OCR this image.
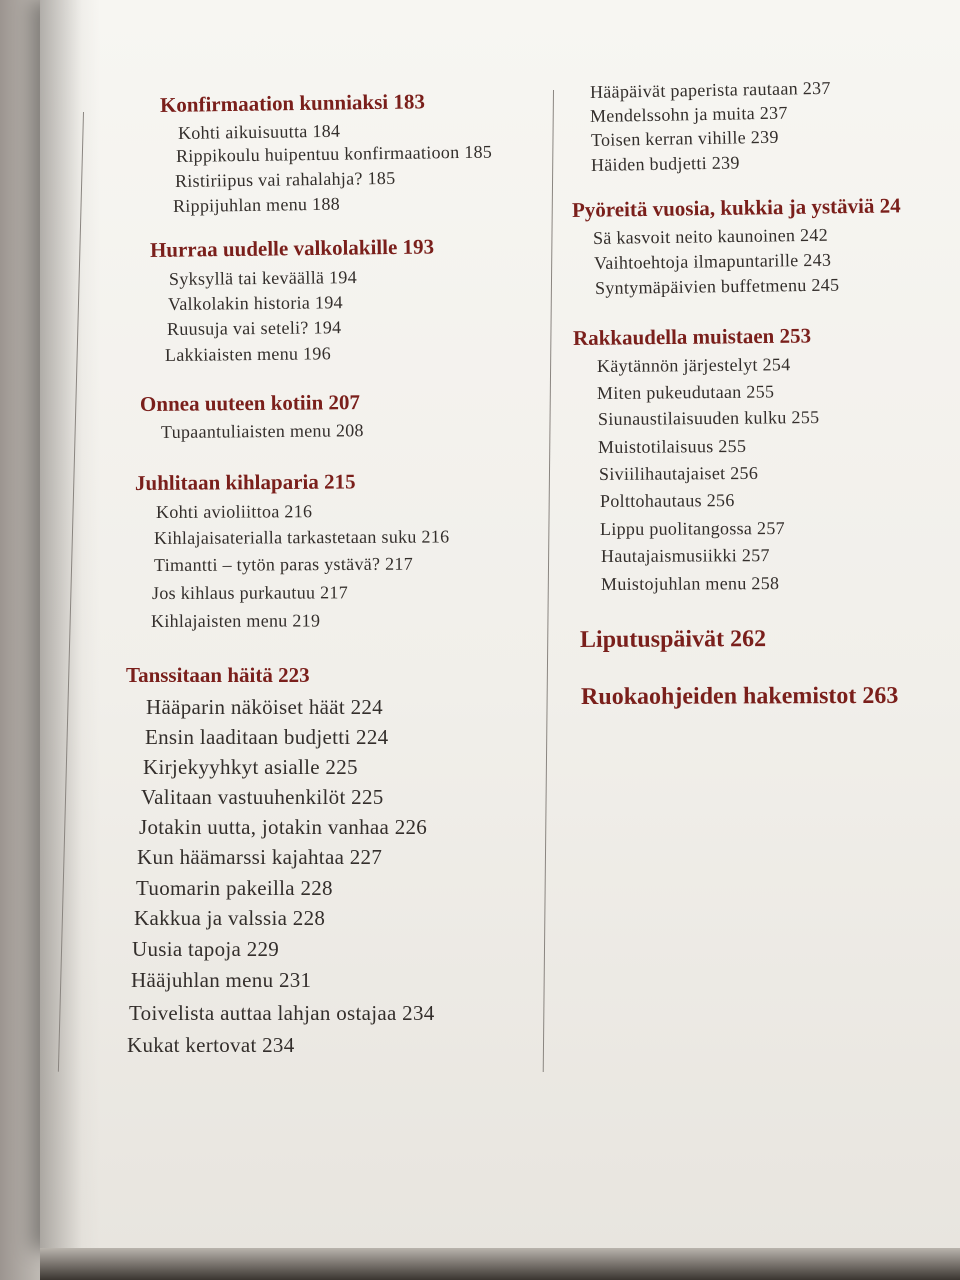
Konfirmaation kunniaksi 183
Kohti aikuisuutta 184
Rippikoulu huipentuu konfirmaatioon 185
Ristiriipus vai rahalahja? 185
Rippijuhlan menu 188
Hurraa uudelle valkolakille 193
Syksyllä tai keväällä 194
Valkolakin historia 194
Ruusuja vai seteli? 194
Lakkiaisten menu 196
Onnea uuteen kotiin 207
Tupaantuliaisten menu 208
Juhlitaan kihlaparia 215
Kohti avioliittoa 216
Kihlajaisaterialla tarkastetaan suku 216
Timantti – tytön paras ystävä? 217
Jos kihlaus purkautuu 217
Kihlajaisten menu 219
Tanssitaan häitä 223
Hääparin näköiset häät 224
Ensin laaditaan budjetti 224
Kirjekyyhkyt asialle 225
Valitaan vastuuhenkilöt 225
Jotakin uutta, jotakin vanhaa 226
Kun häämarssi kajahtaa 227
Tuomarin pakeilla 228
Kakkua ja valssia 228
Uusia tapoja 229
Hääjuhlan menu 231
Toivelista auttaa lahjan ostajaa 234
Kukat kertovat 234
Hääpäivät paperista rautaan 237
Mendelssohn ja muita 237
Toisen kerran vihille 239
Häiden budjetti 239
Pyöreitä vuosia, kukkia ja ystäviä 24
Sä kasvoit neito kaunoinen 242
Vaihtoehtoja ilmapuntarille 243
Syntymäpäivien buffetmenu 245
Rakkaudella muistaen 253
Käytännön järjestelyt 254
Miten pukeudutaan 255
Siunaustilaisuuden kulku 255
Muistotilaisuus 255
Siviilihautajaiset 256
Polttohautaus 256
Lippu puolitangossa 257
Hautajaismusiikki 257
Muistojuhlan menu 258
Liputuspäivät 262
Ruokaohjeiden hakemistot 263
